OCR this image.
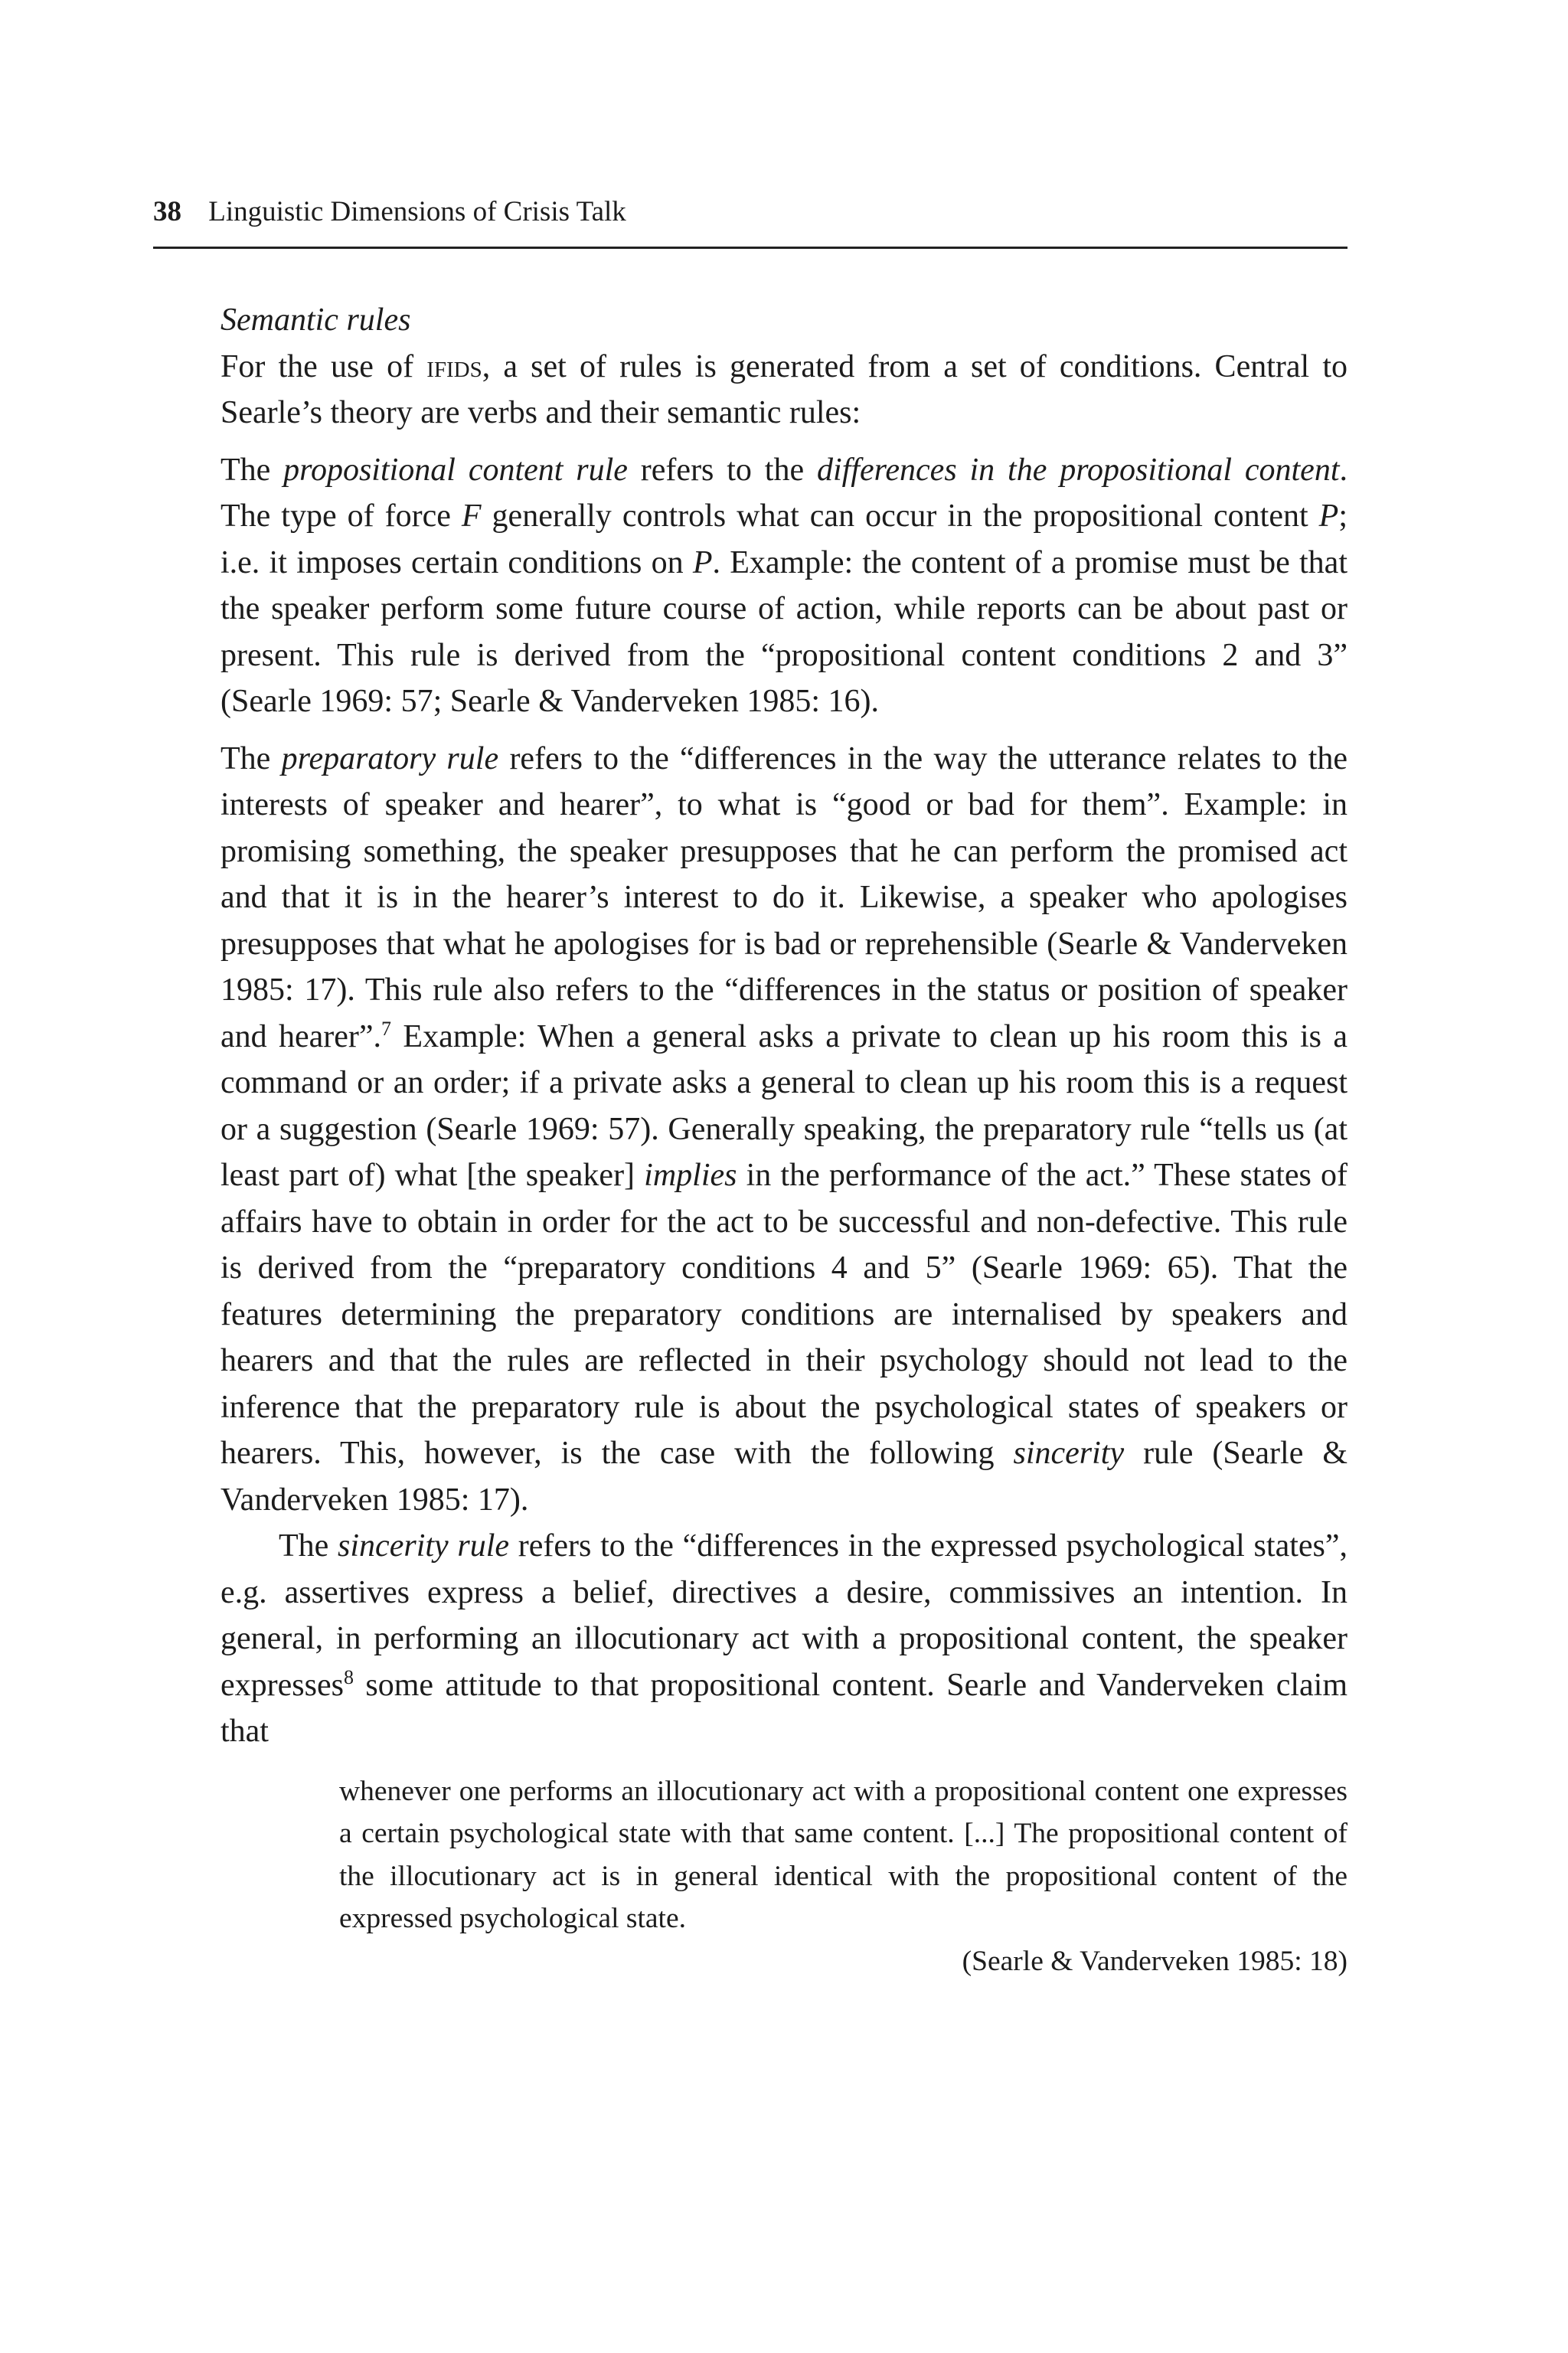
38 Linguistic Dimensions of Crisis Talk

Semantic rules

For the use of ifids, a set of rules is generated from a set of conditions. Central to Searle’s theory are verbs and their semantic rules:

The propositional content rule refers to the differences in the propositional content. The type of force F generally controls what can occur in the propositional content P; i.e. it imposes certain conditions on P. Example: the content of a promise must be that the speaker perform some future course of action, while reports can be about past or present. This rule is derived from the “propositional content conditions 2 and 3” (Searle 1969: 57; Searle & Vanderveken 1985: 16).

The preparatory rule refers to the “differences in the way the utterance relates to the interests of speaker and hearer”, to what is “good or bad for them”. Example: in promising something, the speaker presupposes that he can perform the promised act and that it is in the hearer’s interest to do it. Likewise, a speaker who apologises presupposes that what he apologises for is bad or reprehensible (Searle & Vanderveken 1985: 17). This rule also refers to the “differences in the status or position of speaker and hearer”.$^7$ Example: When a general asks a private to clean up his room this is a command or an order; if a private asks a general to clean up his room this is a request or a suggestion (Searle 1969: 57). Generally speaking, the preparatory rule “tells us (at least part of) what [the speaker] implies in the performance of the act.” These states of affairs have to obtain in order for the act to be successful and non-defective. This rule is derived from the “preparatory conditions 4 and 5” (Searle 1969: 65). That the features determining the preparatory conditions are internalised by speakers and hearers and that the rules are reflected in their psychology should not lead to the inference that the preparatory rule is about the psychological states of speakers or hearers. This, however, is the case with the following sincerity rule (Searle & Vanderveken 1985: 17).

The sincerity rule refers to the “differences in the expressed psychological states”, e.g. assertives express a belief, directives a desire, commissives an intention. In general, in performing an illocutionary act with a propositional content, the speaker expresses$^8$ some attitude to that propositional content. Searle and Vanderveken claim that

whenever one performs an illocutionary act with a propositional content one expresses a certain psychological state with that same content. [...] The propositional content of the illocutionary act is in general identical with the propositional content of the expressed psychological state.

(Searle & Vanderveken 1985: 18)
